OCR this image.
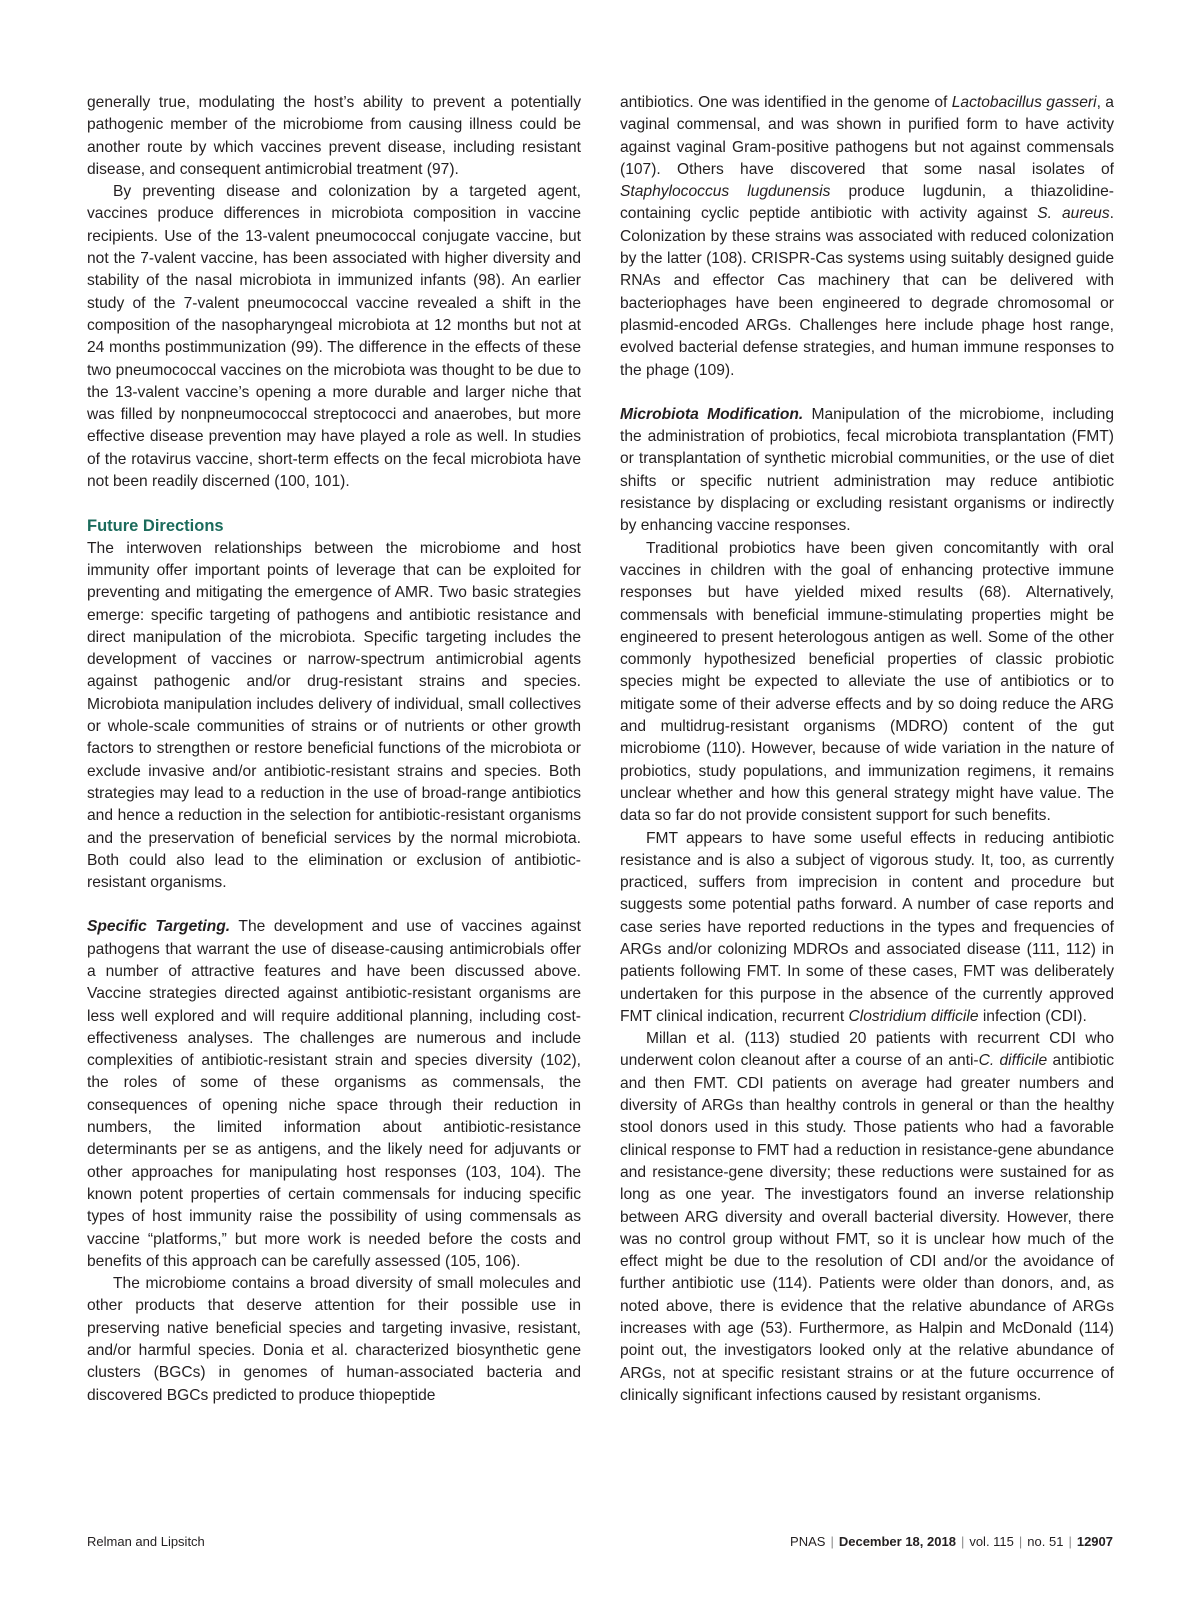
generally true, modulating the host’s ability to prevent a potentially pathogenic member of the microbiome from causing illness could be another route by which vaccines prevent disease, including resistant disease, and consequent antimicrobial treatment (97).

By preventing disease and colonization by a targeted agent, vaccines produce differences in microbiota composition in vaccine recipients. Use of the 13-valent pneumococcal conjugate vaccine, but not the 7-valent vaccine, has been associated with higher diversity and stability of the nasal microbiota in immunized infants (98). An earlier study of the 7-valent pneumococcal vaccine revealed a shift in the composition of the nasopharyngeal microbiota at 12 months but not at 24 months postimmunization (99). The difference in the effects of these two pneumococcal vaccines on the microbiota was thought to be due to the 13-valent vaccine’s opening a more durable and larger niche that was filled by nonpneumococcal streptococci and anaerobes, but more effective disease prevention may have played a role as well. In studies of the rotavirus vaccine, short-term effects on the fecal microbiota have not been readily discerned (100, 101).

Future Directions

The interwoven relationships between the microbiome and host immunity offer important points of leverage that can be exploited for preventing and mitigating the emergence of AMR. Two basic strategies emerge: specific targeting of pathogens and antibiotic resistance and direct manipulation of the microbiota. Specific targeting includes the development of vaccines or narrow-spectrum antimicrobial agents against pathogenic and/or drug-resistant strains and species. Microbiota manipulation includes delivery of individual, small collectives or whole-scale communities of strains or of nutrients or other growth factors to strengthen or restore beneficial functions of the microbiota or exclude invasive and/or antibiotic-resistant strains and species. Both strategies may lead to a reduction in the use of broad-range antibiotics and hence a reduction in the selection for antibiotic-resistant organisms and the preservation of beneficial services by the normal microbiota. Both could also lead to the elimination or exclusion of antibiotic-resistant organisms.

Specific Targeting. The development and use of vaccines against pathogens that warrant the use of disease-causing antimicrobials offer a number of attractive features and have been discussed above. Vaccine strategies directed against antibiotic-resistant organisms are less well explored and will require additional planning, including cost-effectiveness analyses. The challenges are numerous and include complexities of antibiotic-resistant strain and species diversity (102), the roles of some of these organisms as commensals, the consequences of opening niche space through their reduction in numbers, the limited information about antibiotic-resistance determinants per se as antigens, and the likely need for adjuvants or other approaches for manipulating host responses (103, 104). The known potent properties of certain commensals for inducing specific types of host immunity raise the possibility of using commensals as vaccine “platforms,” but more work is needed before the costs and benefits of this approach can be carefully assessed (105, 106).

The microbiome contains a broad diversity of small molecules and other products that deserve attention for their possible use in preserving native beneficial species and targeting invasive, resistant, and/or harmful species. Donia et al. characterized biosynthetic gene clusters (BGCs) in genomes of human-associated bacteria and discovered BGCs predicted to produce thiopeptide

antibiotics. One was identified in the genome of Lactobacillus gasseri, a vaginal commensal, and was shown in purified form to have activity against vaginal Gram-positive pathogens but not against commensals (107). Others have discovered that some nasal isolates of Staphylococcus lugdunensis produce lugdunin, a thiazolidine-containing cyclic peptide antibiotic with activity against S. aureus. Colonization by these strains was associated with reduced colonization by the latter (108). CRISPR-Cas systems using suitably designed guide RNAs and effector Cas machinery that can be delivered with bacteriophages have been engineered to degrade chromosomal or plasmid-encoded ARGs. Challenges here include phage host range, evolved bacterial defense strategies, and human immune responses to the phage (109).

Microbiota Modification. Manipulation of the microbiome, including the administration of probiotics, fecal microbiota transplantation (FMT) or transplantation of synthetic microbial communities, or the use of diet shifts or specific nutrient administration may reduce antibiotic resistance by displacing or excluding resistant organisms or indirectly by enhancing vaccine responses.

Traditional probiotics have been given concomitantly with oral vaccines in children with the goal of enhancing protective immune responses but have yielded mixed results (68). Alternatively, commensals with beneficial immune-stimulating properties might be engineered to present heterologous antigen as well. Some of the other commonly hypothesized beneficial properties of classic probiotic species might be expected to alleviate the use of antibiotics or to mitigate some of their adverse effects and by so doing reduce the ARG and multidrug-resistant organisms (MDRO) content of the gut microbiome (110). However, because of wide variation in the nature of probiotics, study populations, and immunization regimens, it remains unclear whether and how this general strategy might have value. The data so far do not provide consistent support for such benefits.

FMT appears to have some useful effects in reducing antibiotic resistance and is also a subject of vigorous study. It, too, as currently practiced, suffers from imprecision in content and procedure but suggests some potential paths forward. A number of case reports and case series have reported reductions in the types and frequencies of ARGs and/or colonizing MDROs and associated disease (111, 112) in patients following FMT. In some of these cases, FMT was deliberately undertaken for this purpose in the absence of the currently approved FMT clinical indication, recurrent Clostridium difficile infection (CDI).

Millan et al. (113) studied 20 patients with recurrent CDI who underwent colon cleanout after a course of an anti-C. difficile antibiotic and then FMT. CDI patients on average had greater numbers and diversity of ARGs than healthy controls in general or than the healthy stool donors used in this study. Those patients who had a favorable clinical response to FMT had a reduction in resistance-gene abundance and resistance-gene diversity; these reductions were sustained for as long as one year. The investigators found an inverse relationship between ARG diversity and overall bacterial diversity. However, there was no control group without FMT, so it is unclear how much of the effect might be due to the resolution of CDI and/or the avoidance of further antibiotic use (114). Patients were older than donors, and, as noted above, there is evidence that the relative abundance of ARGs increases with age (53). Furthermore, as Halpin and McDonald (114) point out, the investigators looked only at the relative abundance of ARGs, not at specific resistant strains or at the future occurrence of clinically significant infections caused by resistant organisms.

Relman and Lipsitch	PNAS | December 18, 2018 | vol. 115 | no. 51 | 12907
